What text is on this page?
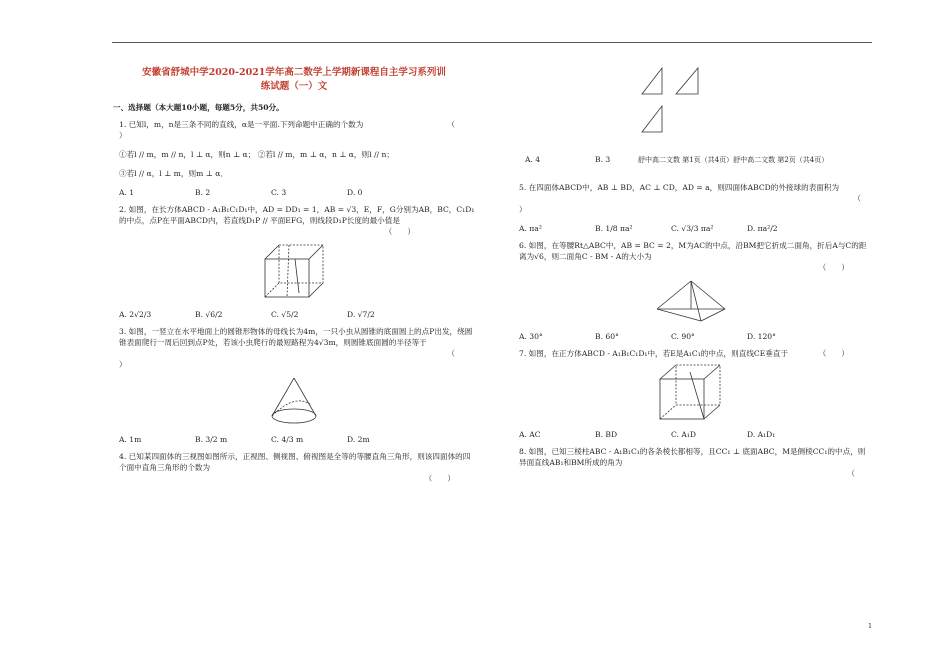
安徽省舒城中学2020-2021学年高二数学上学期新课程自主学习系列训
练试题（一）文
一、选择题（本大题10小题，每题5分，共50分。
1. 已知l，m，n是三条不同的直线，α是一平面.下列命题中正确的个数为	（
）
①若l // m，m // n，l ⊥ α，则n ⊥ α； ②若l // m，m ⊥ α，n ⊥ α，则l // n；
③若l // α，l ⊥ m，则m ⊥ α．
A. 1	B. 2	C. 3	D. 0
2. 如图，在长方体ABCD - A₁B₁C₁D₁中，AD = DD₁ = 1，AB = √3，E，F，G分别为AB，BC，C₁D₁的中点，点P在平面ABCD内，若直线D₁P // 平面EFG，则线段D₁P长度的最小值是
（　　）
A. 2√2/3	B. √6/2	C. √5/2	D. √7/2
3. 如图，一竖立在水平地面上的圆锥形物体的母线长为4m，一只小虫从圆锥的底面圆上的点P出发，绕圆锥表面爬行一周后回到点P处，若该小虫爬行的最短路程为4√3m，则圆锥底面圆的半径等于
（
）
A. 1m	B. 3/2 m	C. 4/3 m	D. 2m
4. 已知某四面体的三视图如图所示，正视图、侧视图、俯视图是全等的等腰直角三角形，则该四面体的四个面中直角三角形的个数为
（　　）
A. 4	B. 3	舒中高二文数 第1页（共4页）舒中高二文数 第2页（共4页）
5. 在四面体ABCD中，AB ⊥ BD，AC ⊥ CD，AD = a，则四面体ABCD的外接球的表面积为
（
）
A. πa²	B. 1/8 πa²	C. √3/3 πa²	D. πa²/2
6. 如图，在等腰Rt△ABC中，AB = BC = 2，M为AC的中点，沿BM把它折成二面角，折后A与C的距离为√6，则二面角C - BM - A的大小为
（　　）
A. 30°	B. 60°	C. 90°	D. 120°
7. 如图，在正方体ABCD - A₁B₁C₁D₁中，若E是A₁C₁的中点，则直线CE垂直于	（　　）
A. AC	B. BD	C. A₁D	D. A₁D₁
8. 如图，已知三棱柱ABC - A₁B₁C₁的各条棱长都相等，且CC₁ ⊥ 底面ABC，M是侧棱CC₁的中点，则异面直线AB₁和BM所成的角为
（
1
